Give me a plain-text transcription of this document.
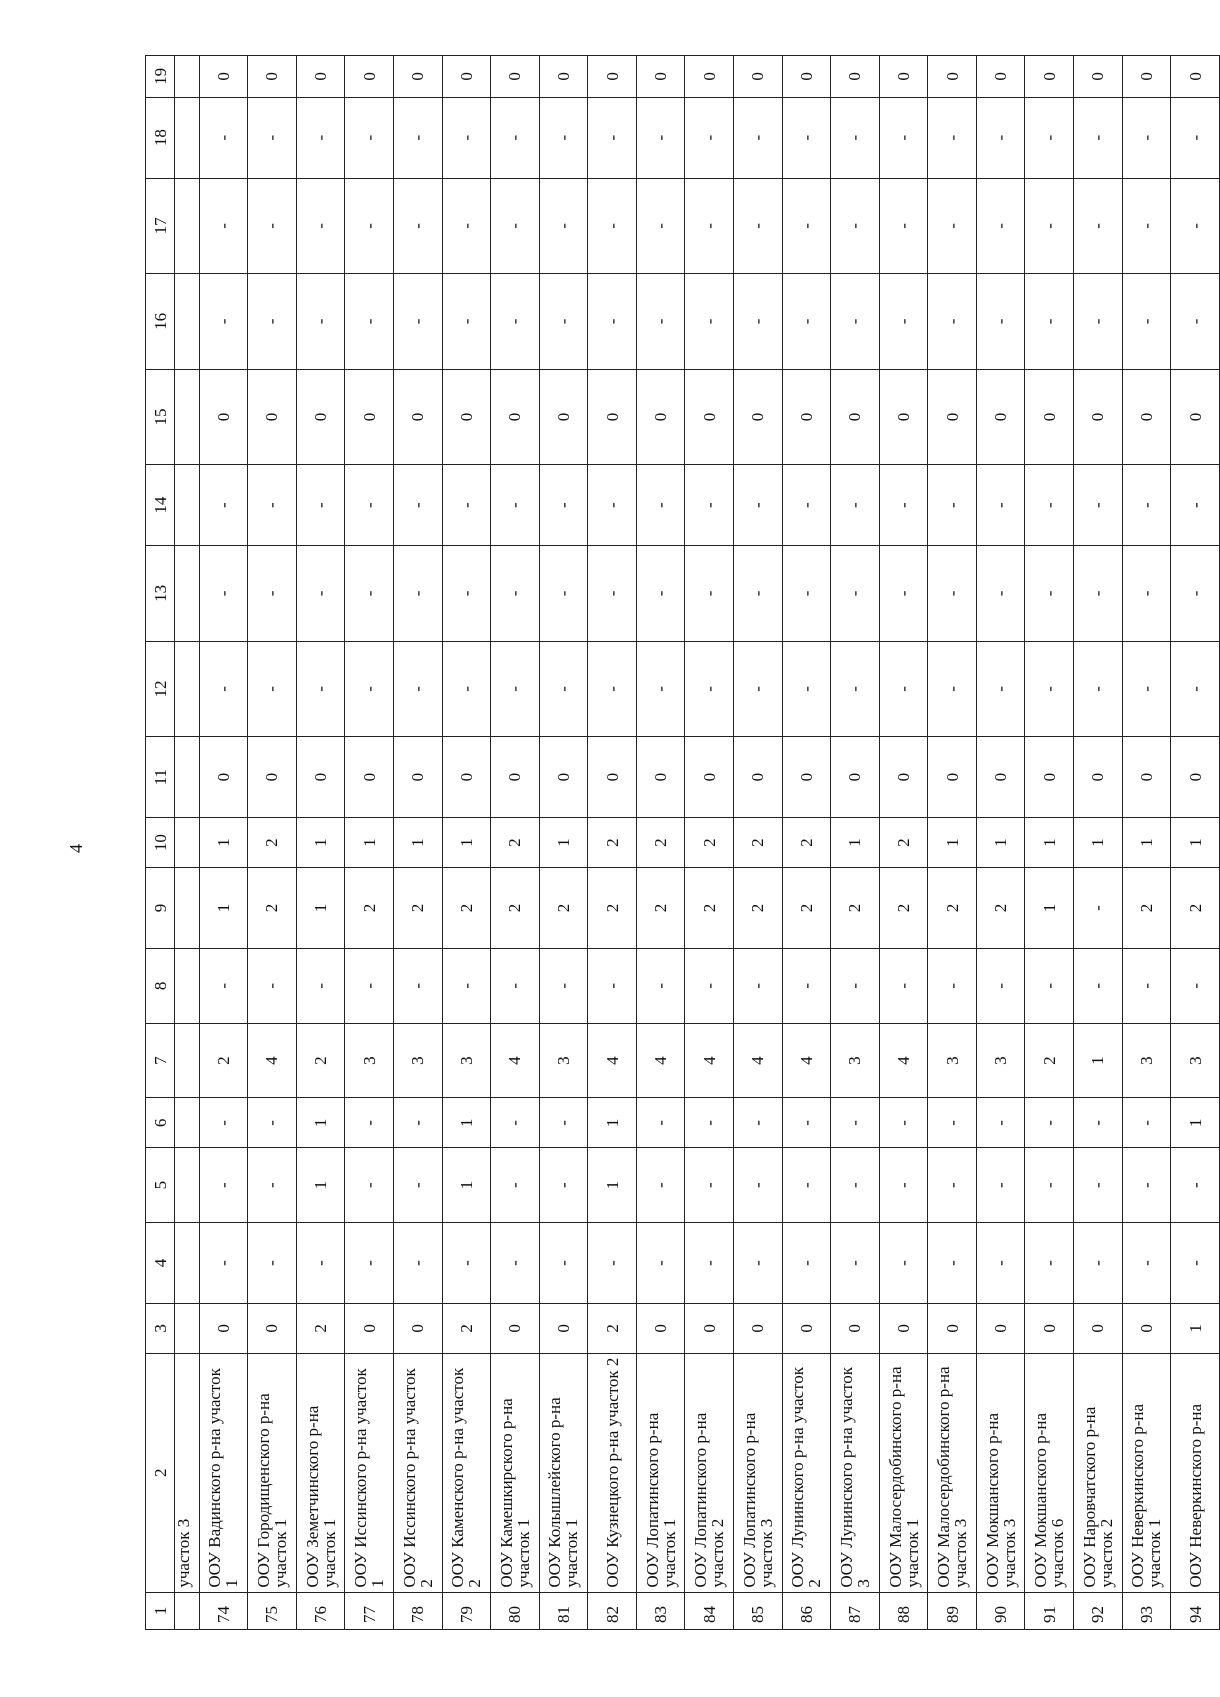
4
1	2	3	4	5	6	7	8	9	10	11	12	13	14	15	16	17	18	19
	участок 3																	
74	ООУ Вадинского р-на участок 1	0	-	-	-	2	-	1	1	0	-	-	-	0	-	-	-	0
75	ООУ Городищенского р-на участок 1	0	-	-	-	4	-	2	2	0	-	-	-	0	-	-	-	0
76	ООУ Земетчинского р-на участок 1	2	-	1	1	2	-	1	1	0	-	-	-	0	-	-	-	0
77	ООУ Иссинского р-на участок 1	0	-	-	-	3	-	2	1	0	-	-	-	0	-	-	-	0
78	ООУ Иссинского р-на участок 2	0	-	-	-	3	-	2	1	0	-	-	-	0	-	-	-	0
79	ООУ Каменского р-на участок 2	2	-	1	1	3	-	2	1	0	-	-	-	0	-	-	-	0
80	ООУ Камешкирского р-на участок 1	0	-	-	-	4	-	2	2	0	-	-	-	0	-	-	-	0
81	ООУ Колышлейского р-на участок 1	0	-	-	-	3	-	2	1	0	-	-	-	0	-	-	-	0
82	ООУ Кузнецкого р-на участок 2	2	-	1	1	4	-	2	2	0	-	-	-	0	-	-	-	0
83	ООУ Лопатинского р-на участок 1	0	-	-	-	4	-	2	2	0	-	-	-	0	-	-	-	0
84	ООУ Лопатинского р-на участок 2	0	-	-	-	4	-	2	2	0	-	-	-	0	-	-	-	0
85	ООУ Лопатинского р-на участок 3	0	-	-	-	4	-	2	2	0	-	-	-	0	-	-	-	0
86	ООУ Лунинского р-на участок 2	0	-	-	-	4	-	2	2	0	-	-	-	0	-	-	-	0
87	ООУ Лунинского р-на участок 3	0	-	-	-	3	-	2	1	0	-	-	-	0	-	-	-	0
88	ООУ Малосердобинского р-на участок 1	0	-	-	-	4	-	2	2	0	-	-	-	0	-	-	-	0
89	ООУ Малосердобинского р-на участок 3	0	-	-	-	3	-	2	1	0	-	-	-	0	-	-	-	0
90	ООУ Мокшанского р-на участок 3	0	-	-	-	3	-	2	1	0	-	-	-	0	-	-	-	0
91	ООУ Мокшанского р-на участок 6	0	-	-	-	2	-	1	1	0	-	-	-	0	-	-	-	0
92	ООУ Наровчатского р-на участок 2	0	-	-	-	1	-	-	1	0	-	-	-	0	-	-	-	0
93	ООУ Неверкинского р-на участок 1	0	-	-	-	3	-	2	1	0	-	-	-	0	-	-	-	0
94	ООУ Неверкинского р-на	1	-	-	1	3	-	2	1	0	-	-	-	0	-	-	-	0
